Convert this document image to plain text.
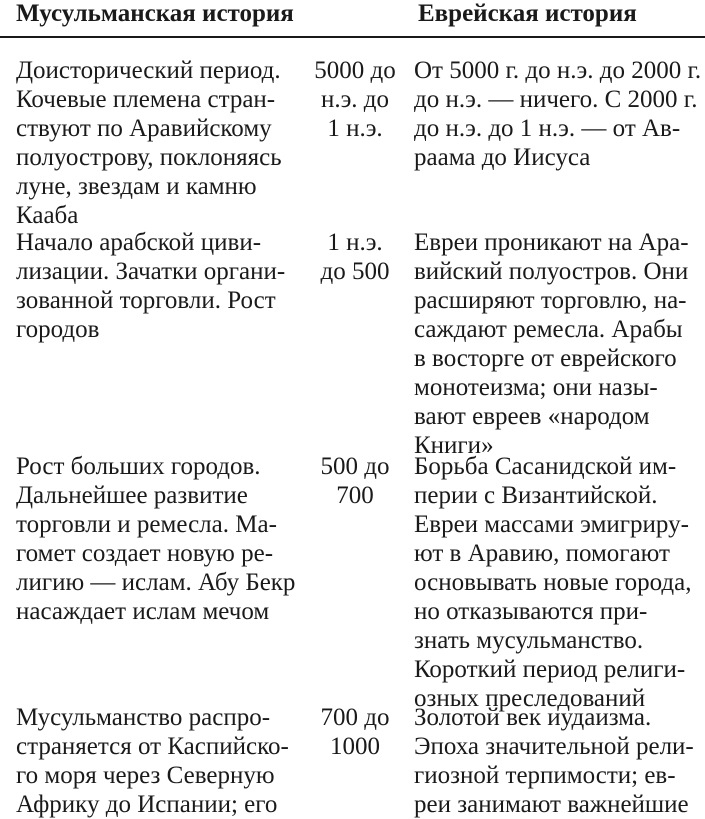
Мусульманская история	Еврейская история
Доисторический период.
Кочевые племена стран-
ствуют по Аравийскому
полуострову, поклоняясь
луне, звездам и камню
Кааба
5000 до
н.э. до
1 н.э.
От 5000 г. до н.э. до 2000 г.
до н.э. — ничего. С 2000 г.
до н.э. до 1 н.э. — от Ав-
раама до Иисуса
Начало арабской циви-
лизации. Зачатки органи-
зованной торговли. Рост
городов
1 н.э.
до 500
Евреи проникают на Ара-
вийский полуостров. Они
расширяют торговлю, на-
саждают ремесла. Арабы
в восторге от еврейского
монотеизма; они назы-
вают евреев «народом
Книги»
Рост больших городов.
Дальнейшее развитие
торговли и ремесла. Ма-
гомет создает новую ре-
лигию — ислам. Абу Бекр
насаждает ислам мечом
500 до
700
Борьба Сасанидской им-
перии с Византийской.
Евреи массами эмигриру-
ют в Аравию, помогают
основывать новые города,
но отказываются при-
знать мусульманство.
Короткий период религи-
озных преследований
Мусульманство распро-
страняется от Каспийско-
го моря через Северную
Африку до Испании; его
700 до
1000
Золотой век иудаизма.
Эпоха значительной рели-
гиозной терпимости; ев-
реи занимают важнейшие
